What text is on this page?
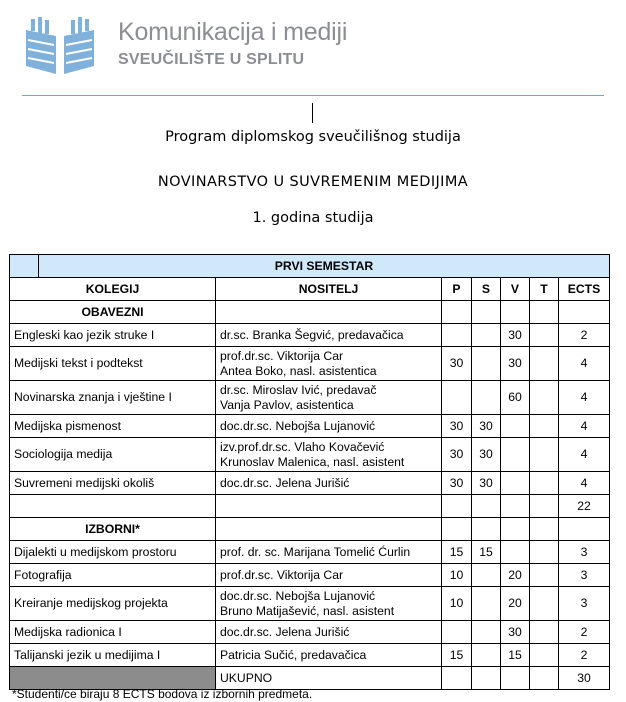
Komunikacija i mediji
SVEUČILIŠTE U SPLITU
Program diplomskog sveučilišnog studija
NOVINARSTVO U SUVREMENIM MEDIJIMA
1. godina studija
	PRVI SEMESTAR						
KOLEGIJ		NOSITELJ	P	S	V	T	ECTS
OBAVEZNI							
Engleski kao jezik struke I		dr.sc. Branka Šegvić, predavačica			30		2
Medijski tekst i podtekst		prof.dr.sc. Viktorija Car
Antea Boko, nasl. asistentica	30		30		4
Novinarska znanja i vještine I		dr.sc. Miroslav Ivić, predavač
Vanja Pavlov, asistentica			60		4
Medijska pismenost		doc.dr.sc. Nebojša Lujanović	30	30			4
Sociologija medija		izv.prof.dr.sc. Vlaho Kovačević
Krunoslav Malenica, nasl. asistent	30	30			4
Suvremeni medijski okoliš		doc.dr.sc. Jelena Jurišić	30	30			4
							22
IZBORNI*							
Dijalekti u medijskom prostoru		prof. dr. sc. Marijana Tomelić Ćurlin	15	15			3
Fotografija		prof.dr.sc. Viktorija Car	10		20		3
Kreiranje medijskog projekta		doc.dr.sc. Nebojša Lujanović
Bruno Matijašević, nasl. asistent	10		20		3
Medijska radionica I		doc.dr.sc. Jelena Jurišić			30		2
Talijanski jezik u medijima I		Patricia Sučić, predavačica	15		15		2
		UKUPNO					30
*Studenti/ce biraju 8 ECTS bodova iz izbornih predmeta.
